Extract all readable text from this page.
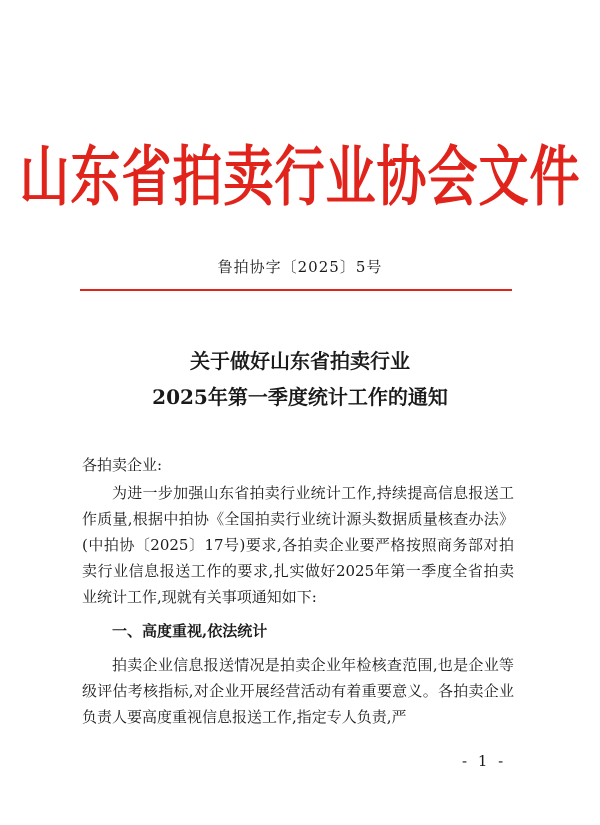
山东省拍卖行业协会文件
鲁拍协字〔2025〕5号
关于做好山东省拍卖行业
2025年第一季度统计工作的通知
各拍卖企业:
为进一步加强山东省拍卖行业统计工作,持续提高信息报送工作质量,根据中拍协《全国拍卖行业统计源头数据质量核查办法》(中拍协〔2025〕17号)要求,各拍卖企业要严格按照商务部对拍卖行业信息报送工作的要求,扎实做好2025年第一季度全省拍卖业统计工作,现就有关事项通知如下:
一、高度重视,依法统计
拍卖企业信息报送情况是拍卖企业年检核查范围,也是企业等级评估考核指标,对企业开展经营活动有着重要意义。各拍卖企业负责人要高度重视信息报送工作,指定专人负责,严
- 1 -
